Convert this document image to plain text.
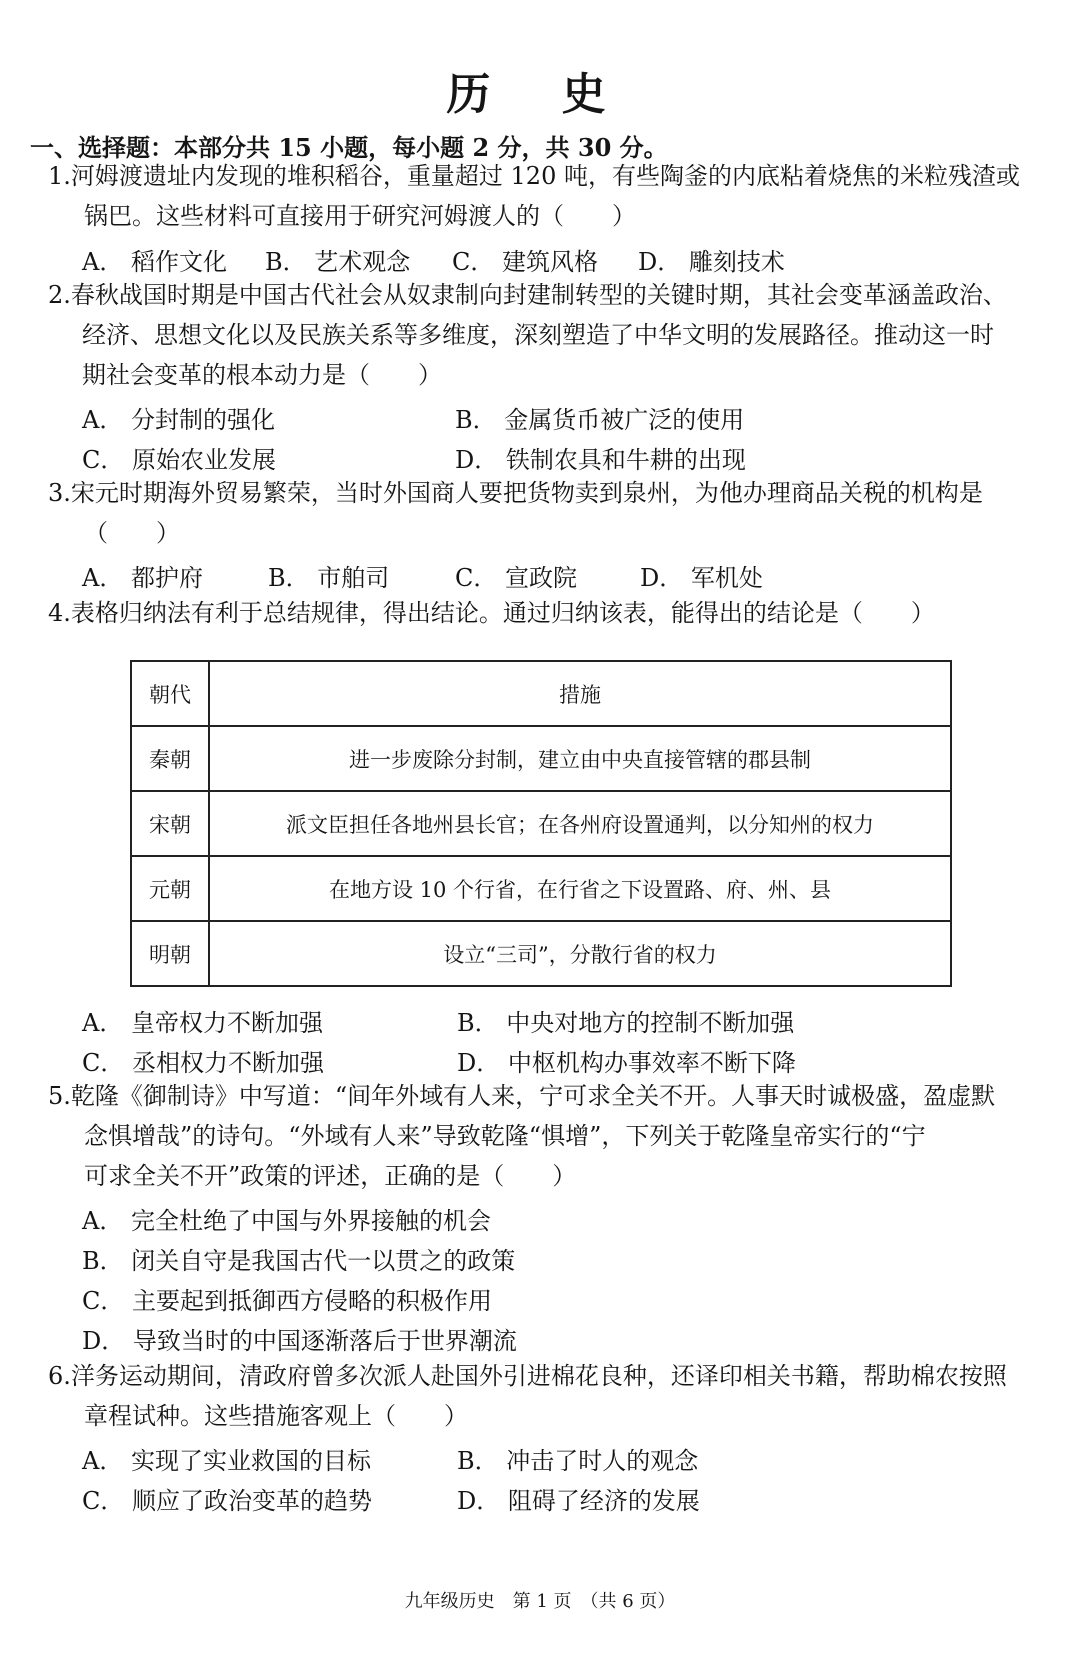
历 史
一、选择题：本部分共 15 小题，每小题 2 分，共 30 分。
1.河姆渡遗址内发现的堆积稻谷，重量超过 120 吨，有些陶釜的内底粘着烧焦的米粒残渣或
锅巴。这些材料可直接用于研究河姆渡人的（　　）
A． 稻作文化 B． 艺术观念 C． 建筑风格 D． 雕刻技术
2.春秋战国时期是中国古代社会从奴隶制向封建制转型的关键时期，其社会变革涵盖政治、
经济、思想文化以及民族关系等多维度，深刻塑造了中华文明的发展路径。推动这一时
期社会变革的根本动力是（　　）
A． 分封制的强化	B． 金属货币被广泛的使用
C． 原始农业发展	D． 铁制农具和牛耕的出现
3.宋元时期海外贸易繁荣，当时外国商人要把货物卖到泉州，为他办理商品关税的机构是
（　　）
A． 都护府	B． 市舶司	C． 宣政院	D． 军机处
4.表格归纳法有利于总结规律，得出结论。通过归纳该表，能得出的结论是（　　）
朝代	措施
秦朝	进一步废除分封制，建立由中央直接管辖的郡县制
宋朝	派文臣担任各地州县长官；在各州府设置通判，以分知州的权力
元朝	在地方设 10 个行省，在行省之下设置路、府、州、县
明朝	设立“三司”，分散行省的权力
A． 皇帝权力不断加强	B． 中央对地方的控制不断加强
C． 丞相权力不断加强	D． 中枢机构办事效率不断下降
5.乾隆《御制诗》中写道：“间年外域有人来，宁可求全关不开。人事天时诚极盛，盈虚默
念惧增哉”的诗句。“外域有人来”导致乾隆“惧增”，下列关于乾隆皇帝实行的“宁
可求全关不开”政策的评述，正确的是（　　）
A． 完全杜绝了中国与外界接触的机会
B． 闭关自守是我国古代一以贯之的政策
C． 主要起到抵御西方侵略的积极作用
D． 导致当时的中国逐渐落后于世界潮流
6.洋务运动期间，清政府曾多次派人赴国外引进棉花良种，还译印相关书籍，帮助棉农按照
章程试种。这些措施客观上（　　）
A． 实现了实业救国的目标	B． 冲击了时人的观念
C． 顺应了政治变革的趋势	D． 阻碍了经济的发展
九年级历史　第 1 页　（共 6 页）
